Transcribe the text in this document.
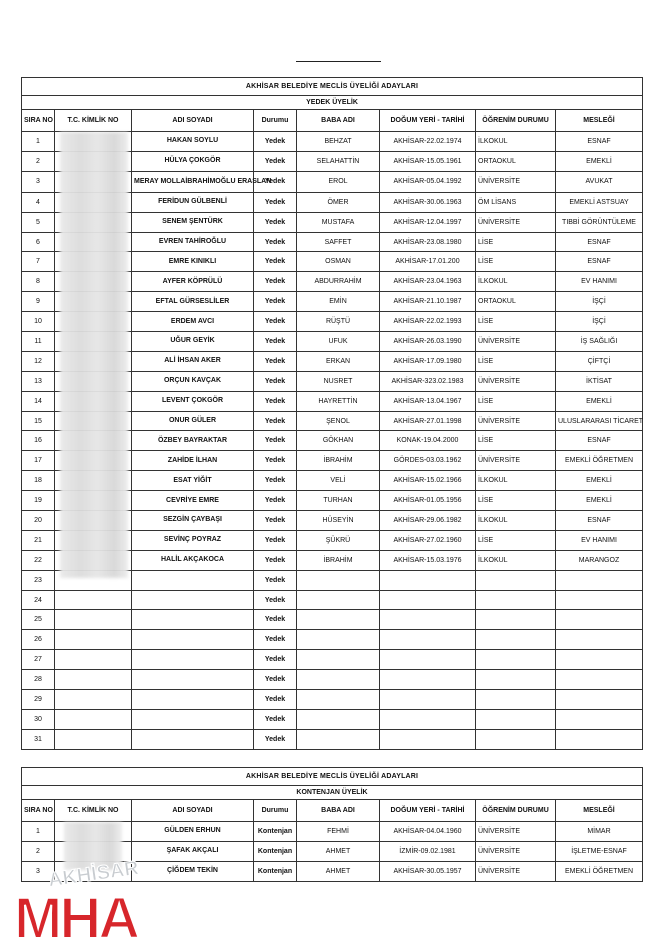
AKHİSAR BELEDİYE MECLİS ÜYELİĞİ ADAYLARI							
YEDEK ÜYELİK							
SIRA NO	T.C. KİMLİK NO	ADI SOYADI	Durumu	BABA ADI	DOĞUM YERİ - TARİHİ	ÖĞRENİM DURUMU	MESLEĞİ
1		HAKAN SOYLU	Yedek	BEHZAT	AKHİSAR-22.02.1974	İLKOKUL	ESNAF
2		HÜLYA ÇOKGÖR	Yedek	SELAHATTİN	AKHİSAR-15.05.1961	ORTAOKUL	EMEKLİ
3		MERAY MOLLAİBRAHİMOĞLU ERASLAN	Yedek	EROL	AKHİSAR-05.04.1992	ÜNİVERSİTE	AVUKAT
4		FERİDUN GÜLBENLİ	Yedek	ÖMER	AKHİSAR-30.06.1963	ÖM LİSANS	EMEKLİ ASTSUAY
5		SENEM ŞENTÜRK	Yedek	MUSTAFA	AKHİSAR-12.04.1997	ÜNİVERSİTE	TIBBİ GÖRÜNTÜLEME
6		EVREN TAHİROĞLU	Yedek	SAFFET	AKHİSAR-23.08.1980	LİSE	ESNAF
7		EMRE KINIKLI	Yedek	OSMAN	AKHİSAR-17.01.200	LİSE	ESNAF
8		AYFER KÖPRÜLÜ	Yedek	ABDURRAHİM	AKHİSAR-23.04.1963	İLKOKUL	EV HANIMI
9		EFTAL GÜRSESLİLER	Yedek	EMİN	AKHİSAR-21.10.1987	ORTAOKUL	İŞÇİ
10		ERDEM AVCI	Yedek	RÜŞTÜ	AKHİSAR-22.02.1993	LİSE	İŞÇİ
11		UĞUR GEYİK	Yedek	UFUK	AKHİSAR-26.03.1990	ÜNİVERSİTE	İŞ SAĞLIĞI
12		ALİ İHSAN AKER	Yedek	ERKAN	AKHİSAR-17.09.1980	LİSE	ÇİFTÇİ
13		ORÇUN KAVÇAK	Yedek	NUSRET	AKHİSAR-323.02.1983	ÜNİVERSİTE	İKTİSAT
14		LEVENT ÇOKGÖR	Yedek	HAYRETTİN	AKHİSAR-13.04.1967	LİSE	EMEKLİ
15		ONUR GÜLER	Yedek	ŞENOL	AKHİSAR-27.01.1998	ÜNİVERSİTE	ULUSLARARASI TİCARET
16		ÖZBEY BAYRAKTAR	Yedek	GÖKHAN	KONAK-19.04.2000	LİSE	ESNAF
17		ZAHİDE İLHAN	Yedek	İBRAHİM	GÖRDES-03.03.1962	ÜNİVERSİTE	EMEKLİ ÖĞRETMEN
18		ESAT YİĞİT	Yedek	VELİ	AKHİSAR-15.02.1966	İLKOKUL	EMEKLİ
19		CEVRİYE EMRE	Yedek	TURHAN	AKHİSAR-01.05.1956	LİSE	EMEKLİ
20		SEZGİN ÇAYBAŞI	Yedek	HÜSEYİN	AKHİSAR-29.06.1982	İLKOKUL	ESNAF
21		SEVİNÇ POYRAZ	Yedek	ŞÜKRÜ	AKHİSAR-27.02.1960	LİSE	EV HANIMI
22		HALİL AKÇAKOCA	Yedek	İBRAHİM	AKHİSAR-15.03.1976	İLKOKUL	MARANGOZ
23			Yedek				
24			Yedek				
25			Yedek				
26			Yedek				
27			Yedek				
28			Yedek				
29			Yedek				
30			Yedek				
31			Yedek				
AKHİSAR BELEDİYE MECLİS ÜYELİĞİ ADAYLARI							
KONTENJAN ÜYELİK							
SIRA NO	T.C. KİMLİK NO	ADI SOYADI	Durumu	BABA ADI	DOĞUM YERİ - TARİHİ	ÖĞRENİM DURUMU	MESLEĞİ
1		GÜLDEN ERHUN	Kontenjan	FEHMİ	AKHİSAR-04.04.1960	ÜNİVERSİTE	MİMAR
2		ŞAFAK AKÇALI	Kontenjan	AHMET	İZMİR-09.02.1981	ÜNİVERSİTE	İŞLETME-ESNAF
3		ÇİĞDEM TEKİN	Kontenjan	AHMET	AKHİSAR-30.05.1957	ÜNİVERSİTE	EMEKLİ ÖĞRETMEN
AKHİSAR
MHA
